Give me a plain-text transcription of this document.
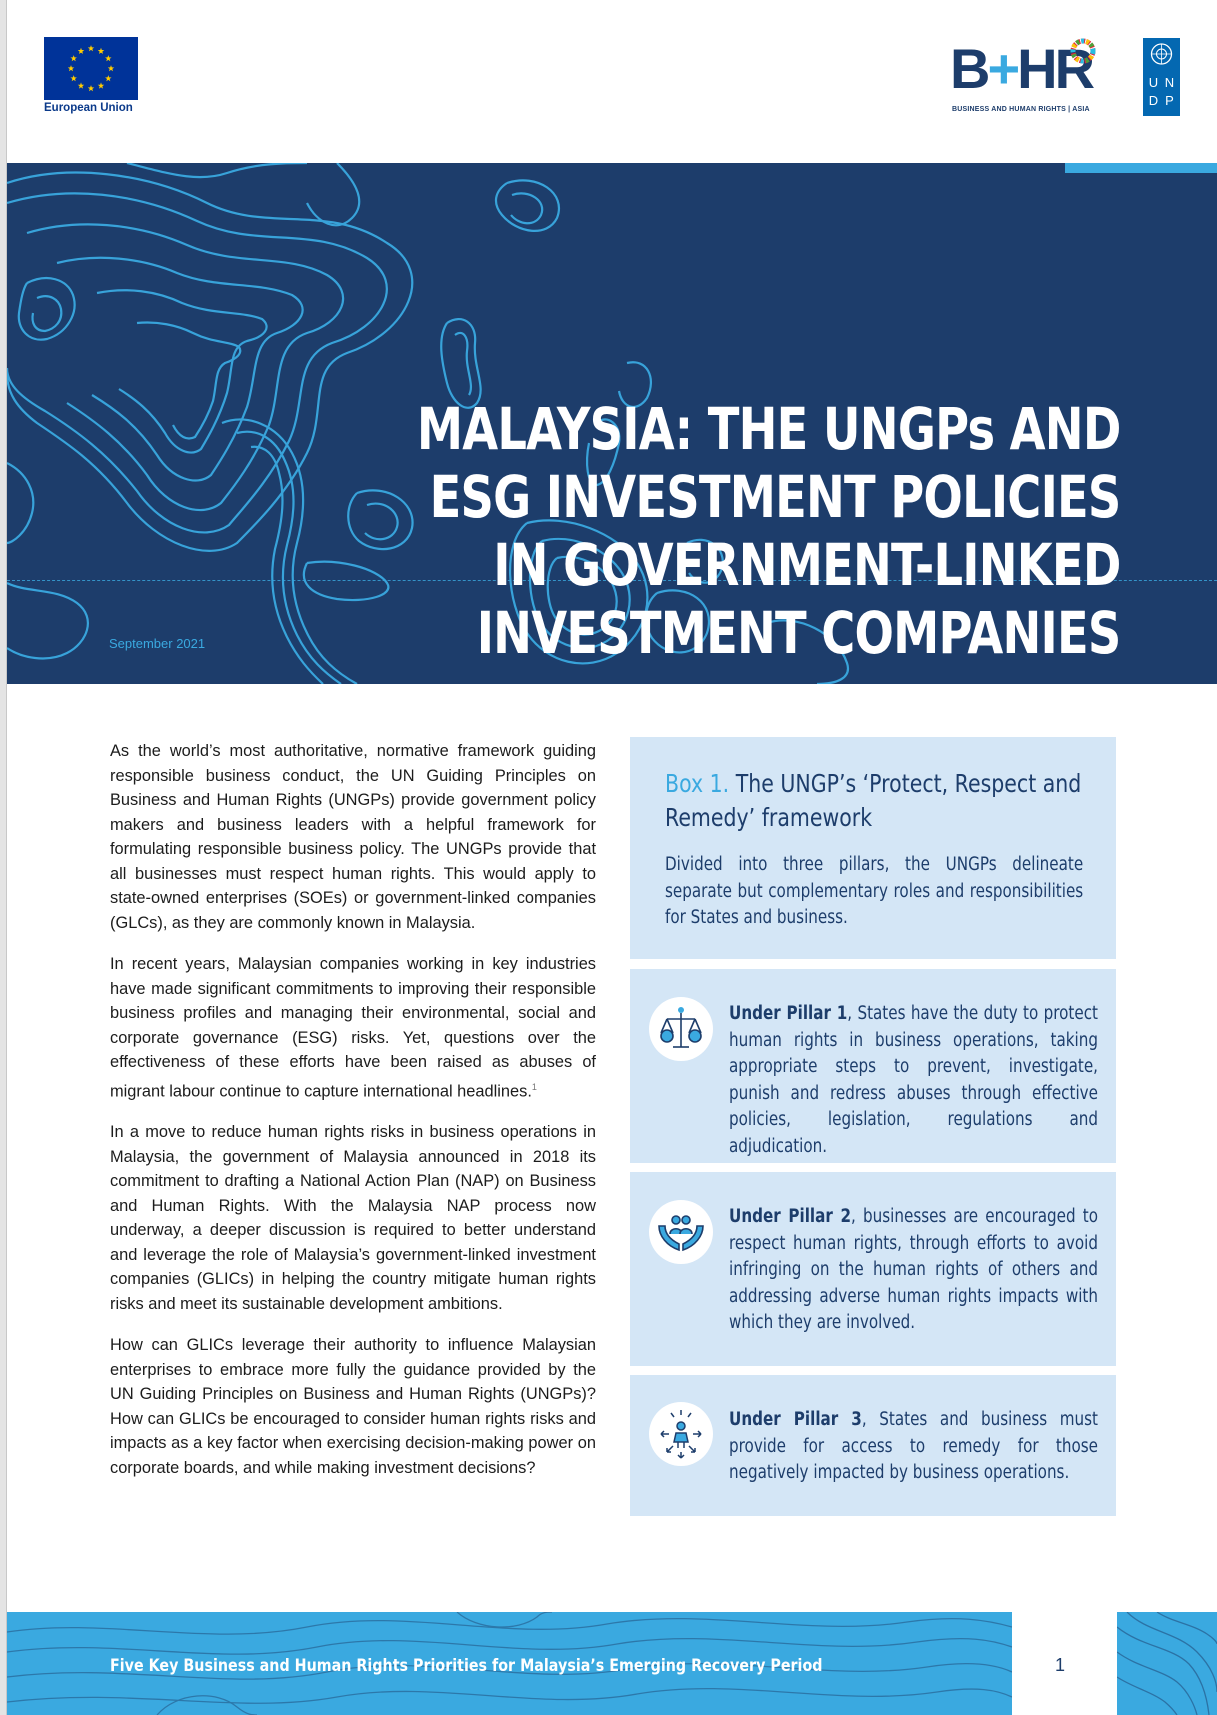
European Union
B+HR
BUSINESS AND HUMAN RIGHTS | ASIA
U N
D P
September 2021
MALAYSIA: THE UNGPs AND
ESG INVESTMENT POLICIES
IN GOVERNMENT-LINKED
INVESTMENT COMPANIES

As the world’s most authoritative, normative framework guiding responsible business conduct, the UN Guiding Principles on Business and Human Rights (UNGPs) provide government policy makers and business leaders with a helpful framework for formulating responsible business policy. The UNGPs provide that all businesses must respect human rights. This would apply to state-owned enterprises (SOEs) or government-linked companies (GLCs), as they are commonly known in Malaysia.

In recent years, Malaysian companies working in key industries have made significant commitments to improving their responsible business profiles and managing their environmental, social and corporate governance (ESG) risks. Yet, questions over the effectiveness of these efforts have been raised as abuses of migrant labour continue to capture international headlines.$^1$

In a move to reduce human rights risks in business operations in Malaysia, the government of Malaysia announced in 2018 its commitment to drafting a National Action Plan (NAP) on Business and Human Rights. With the Malaysia NAP process now underway, a deeper discussion is required to better understand and leverage the role of Malaysia’s government-linked investment companies (GLICs) in helping the country mitigate human rights risks and meet its sustainable development ambitions.

How can GLICs leverage their authority to influence Malaysian enterprises to embrace more fully the guidance provided by the UN Guiding Principles on Business and Human Rights (UNGPs)? How can GLICs be encouraged to consider human rights risks and impacts as a key factor when exercising decision-making power on corporate boards, and while making investment decisions?

Box 1. The UNGP’s ‘Protect, Respect and Remedy’ framework
Divided into three pillars, the UNGPs delineate separate but complementary roles and responsibilities for States and business.
Under Pillar 1, States have the duty to protect human rights in business operations, taking appropriate steps to prevent, investigate, punish and redress abuses through effective policies, legislation, regulations and adjudication.
Under Pillar 2, businesses are encouraged to respect human rights, through efforts to avoid infringing on the human rights of others and addressing adverse human rights impacts with which they are involved.
Under Pillar 3, States and business must provide for access to remedy for those negatively impacted by business operations.
Five Key Business and Human Rights Priorities for Malaysia’s Emerging Recovery Period	1
